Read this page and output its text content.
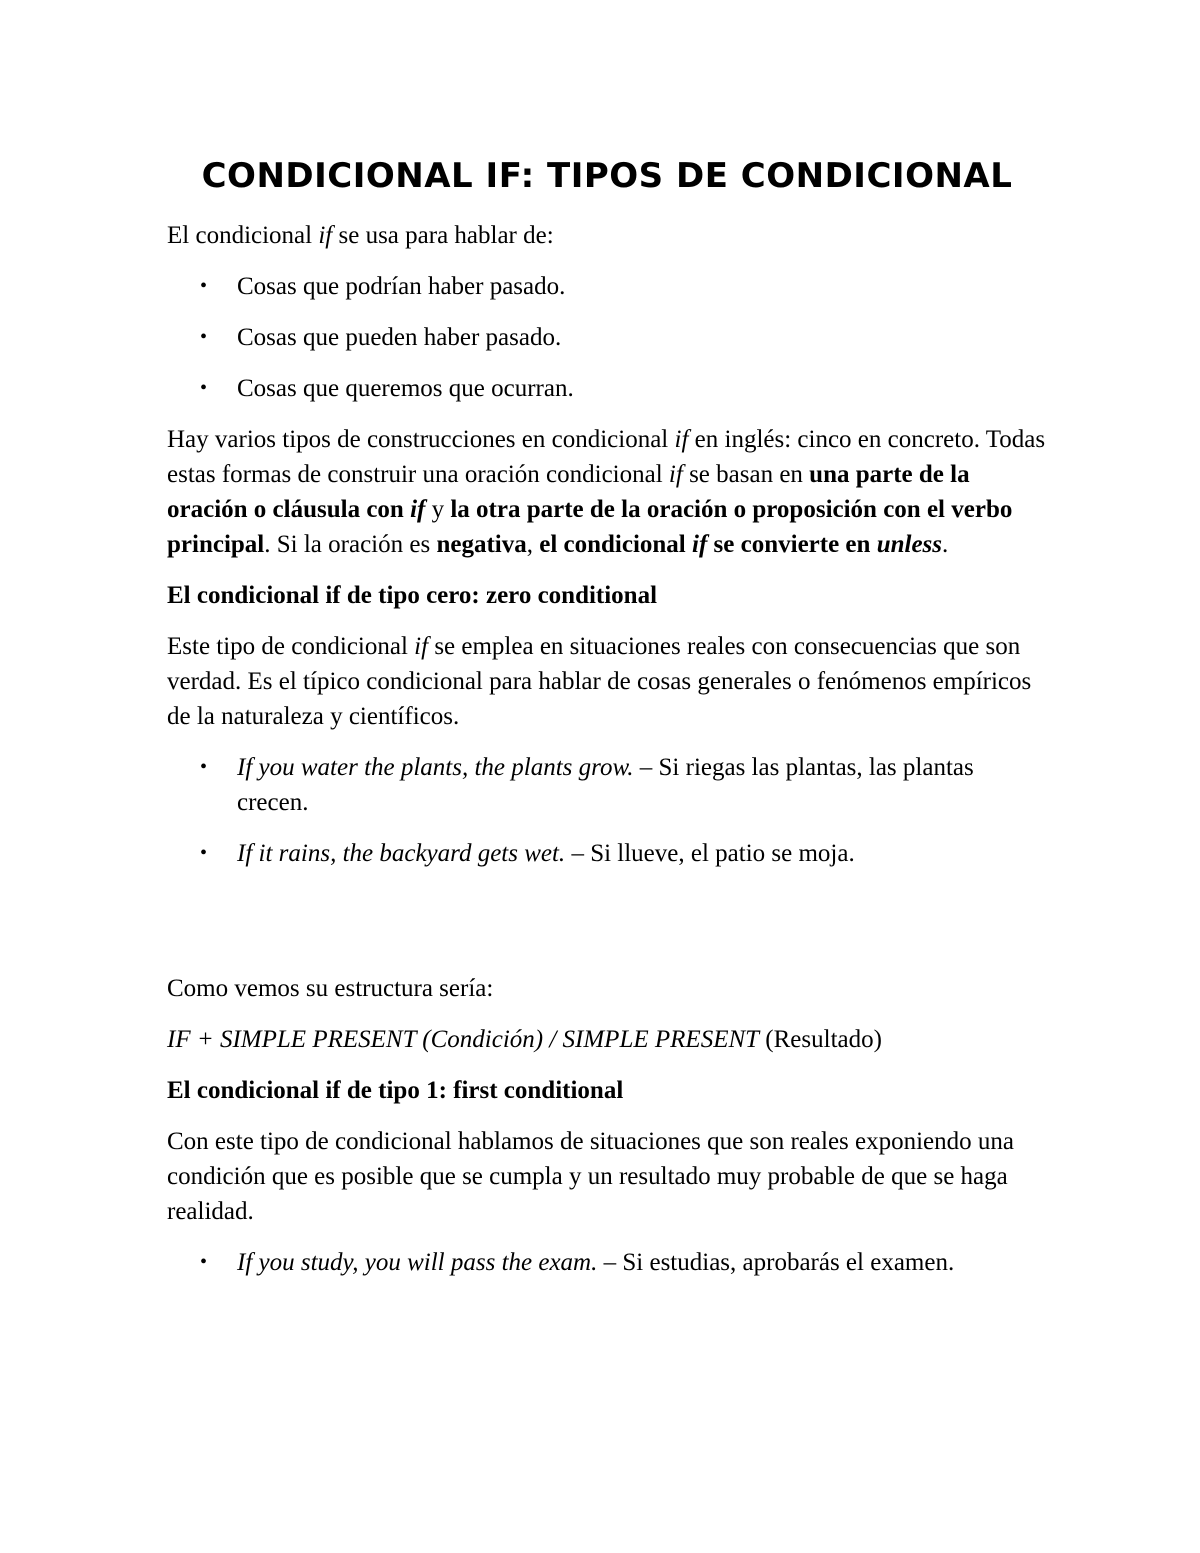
CONDICIONAL IF: TIPOS DE CONDICIONAL

El condicional if se usa para hablar de:

• Cosas que podrían haber pasado.
• Cosas que pueden haber pasado.
• Cosas que queremos que ocurran.

Hay varios tipos de construcciones en condicional if en inglés: cinco en concreto. Todas estas formas de construir una oración condicional if se basan en una parte de la oración o cláusula con if y la otra parte de la oración o proposición con el verbo principal. Si la oración es negativa, el condicional if se convierte en unless.

El condicional if de tipo cero: zero conditional

Este tipo de condicional if se emplea en situaciones reales con consecuencias que son verdad. Es el típico condicional para hablar de cosas generales o fenómenos empíricos de la naturaleza y científicos.

• If you water the plants, the plants grow. – Si riegas las plantas, las plantas crecen.
• If it rains, the backyard gets wet. – Si llueve, el patio se moja.

Como vemos su estructura sería:

IF + SIMPLE PRESENT (Condición) / SIMPLE PRESENT (Resultado)

El condicional if de tipo 1: first conditional

Con este tipo de condicional hablamos de situaciones que son reales exponiendo una condición que es posible que se cumpla y un resultado muy probable de que se haga realidad.

• If you study, you will pass the exam. – Si estudias, aprobarás el examen.
